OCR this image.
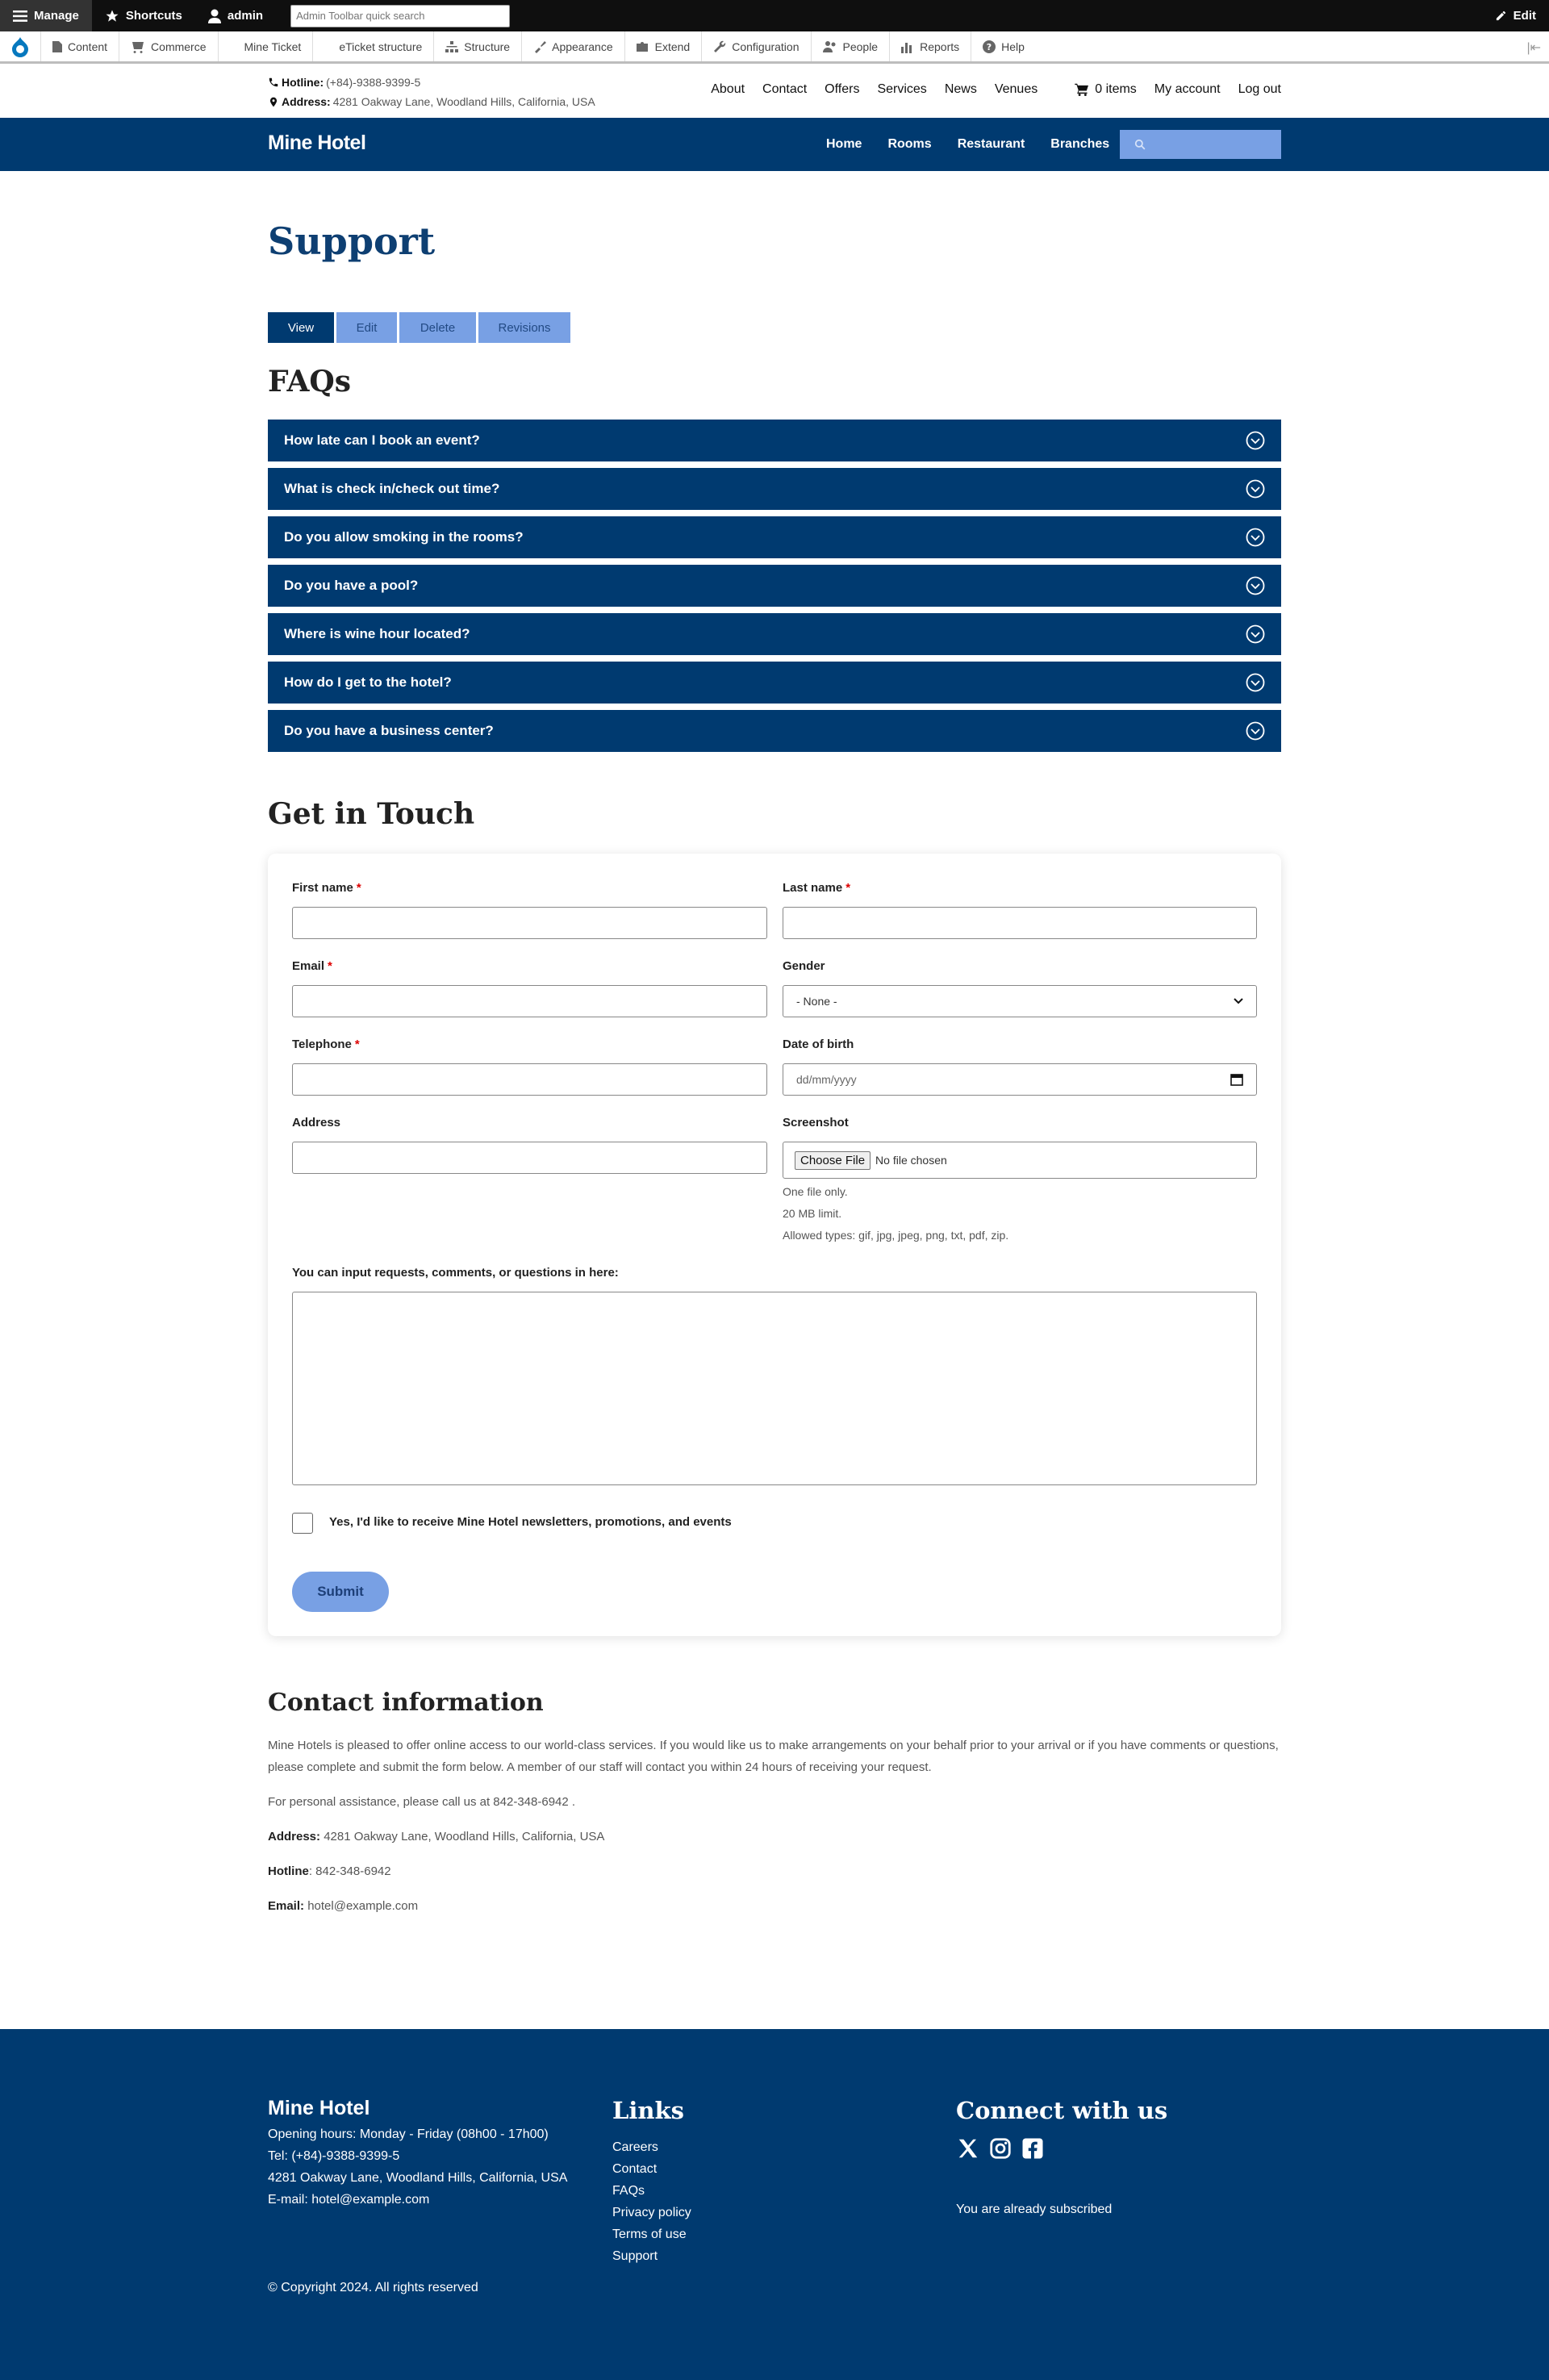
Manage	Shortcuts	admin
Admin Toolbar quick search	Edit
Content	Commerce	Mine Ticket	eTicket structure	Structure	Appearance	Extend	Configuration	People	Reports	? Help	|⇤
Hotline: (+84)-9388-9399-5
Address: 4281 Oakway Lane, Woodland Hills, California, USA
About Contact Offers Services News Venues	0 items My account Log out
Mine Hotel	Home Rooms Restaurant Branches
Support
View	Edit	Delete	Revisions
FAQs
How late can I book an event?
What is check in/check out time?
Do you allow smoking in the rooms?
Do you have a pool?
Where is wine hour located?
How do I get to the hotel?
Do you have a business center?
Get in Touch
First name *	Last name *
Email *	Gender
- None -
Telephone *	Date of birth
dd/mm/yyyy
Address	Screenshot
Choose File No file chosen
One file only.
20 MB limit.
Allowed types: gif, jpg, jpeg, png, txt, pdf, zip.
You can input requests, comments, or questions in here:
Yes, I'd like to receive Mine Hotel newsletters, promotions, and events
Submit
Contact information

Mine Hotels is pleased to offer online access to our world-class services. If you would like us to make arrangements on your behalf prior to your arrival or if you have comments or questions, please complete and submit the form below. A member of our staff will contact you within 24 hours of receiving your request.

For personal assistance, please call us at 842-348-6942 .

Address: 4281 Oakway Lane, Woodland Hills, California, USA

Hotline: 842-348-6942

Email: hotel@example.com

Mine Hotel
Opening hours: Monday - Friday (08h00 - 17h00)
Tel: (+84)-9388-9399-5
4281 Oakway Lane, Woodland Hills, California, USA
E-mail: hotel@example.com
Links
Careers
Contact
FAQs
Privacy policy
Terms of use
Support
Connect with us
You are already subscribed
© Copyright 2024. All rights reserved
